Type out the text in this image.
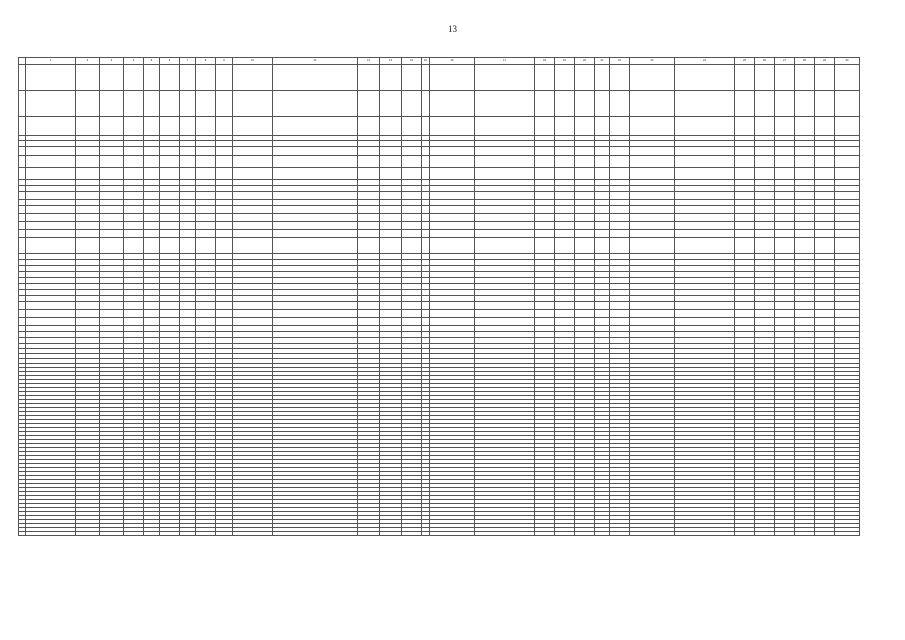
13
	1	2	3	4	5	6	7	8	9	10	11	12	13	14	15	16	17	18	19	20	21	22	23	24	25	26	27	28	29	30
